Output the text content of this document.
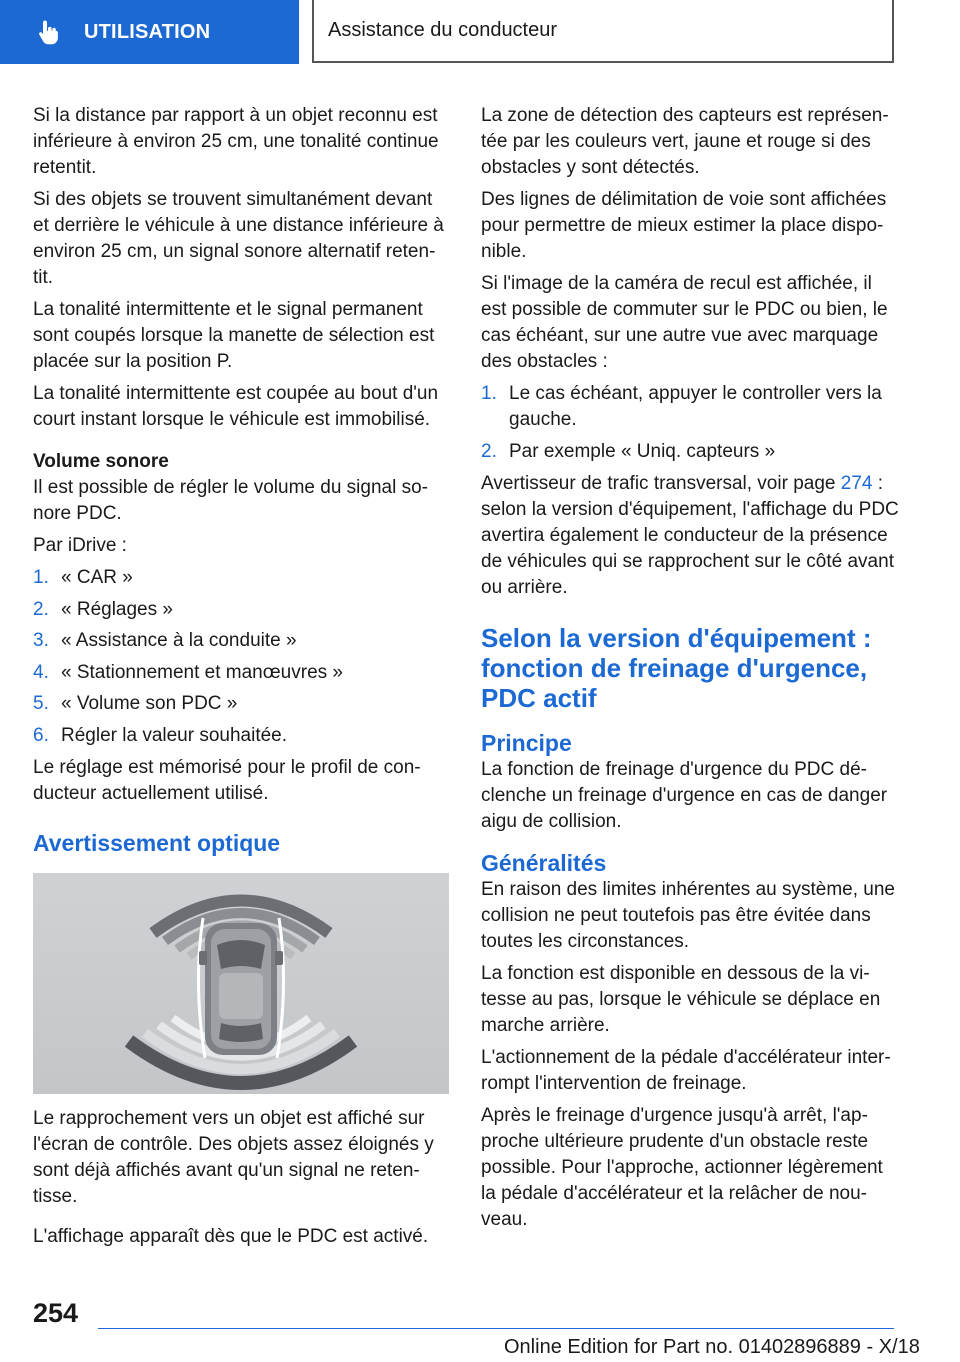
UTILISATION	Assistance du conducteur

Si la distance par rapport à un objet reconnu est inférieure à environ 25 cm, une tonalité continue retentit.

Si des objets se trouvent simultanément devant et derrière le véhicule à une distance inférieure à environ 25 cm, un signal sonore alternatif retentit.

La tonalité intermittente et le signal permanent sont coupés lorsque la manette de sélection est placée sur la position P.

La tonalité intermittente est coupée au bout d'un court instant lorsque le véhicule est immobilisé.

Volume sonore

Il est possible de régler le volume du signal sonore PDC.

Par iDrive :

1. « CAR »
2. « Réglages »
3. « Assistance à la conduite »
4. « Stationnement et manœuvres »
5. « Volume son PDC »
6. Régler la valeur souhaitée.

Le réglage est mémorisé pour le profil de conducteur actuellement utilisé.

Avertissement optique

Le rapprochement vers un objet est affiché sur l'écran de contrôle. Des objets assez éloignés y sont déjà affichés avant qu'un signal ne retentisse.

L'affichage apparaît dès que le PDC est activé.

La zone de détection des capteurs est représentée par les couleurs vert, jaune et rouge si des obstacles y sont détectés.

Des lignes de délimitation de voie sont affichées pour permettre de mieux estimer la place disponible.

Si l'image de la caméra de recul est affichée, il est possible de commuter sur le PDC ou bien, le cas échéant, sur une autre vue avec marquage des obstacles :

1. Le cas échéant, appuyer le controller vers la gauche.
2. Par exemple « Uniq. capteurs »

Avertisseur de trafic transversal, voir page 274 : selon la version d'équipement, l'affichage du PDC avertira également le conducteur de la présence de véhicules qui se rapprochent sur le côté avant ou arrière.

Selon la version d'équipement : fonction de freinage d'urgence, PDC actif
Principe

La fonction de freinage d'urgence du PDC déclenche un freinage d'urgence en cas de danger aigu de collision.

Généralités

En raison des limites inhérentes au système, une collision ne peut toutefois pas être évitée dans toutes les circonstances.

La fonction est disponible en dessous de la vitesse au pas, lorsque le véhicule se déplace en marche arrière.

L'actionnement de la pédale d'accélérateur interrompt l'intervention de freinage.

Après le freinage d'urgence jusqu'à arrêt, l'approche ultérieure prudente d'un obstacle reste possible. Pour l'approche, actionner légèrement la pédale d'accélérateur et la relâcher de nouveau.

254
Online Edition for Part no. 01402896889 - X/18
